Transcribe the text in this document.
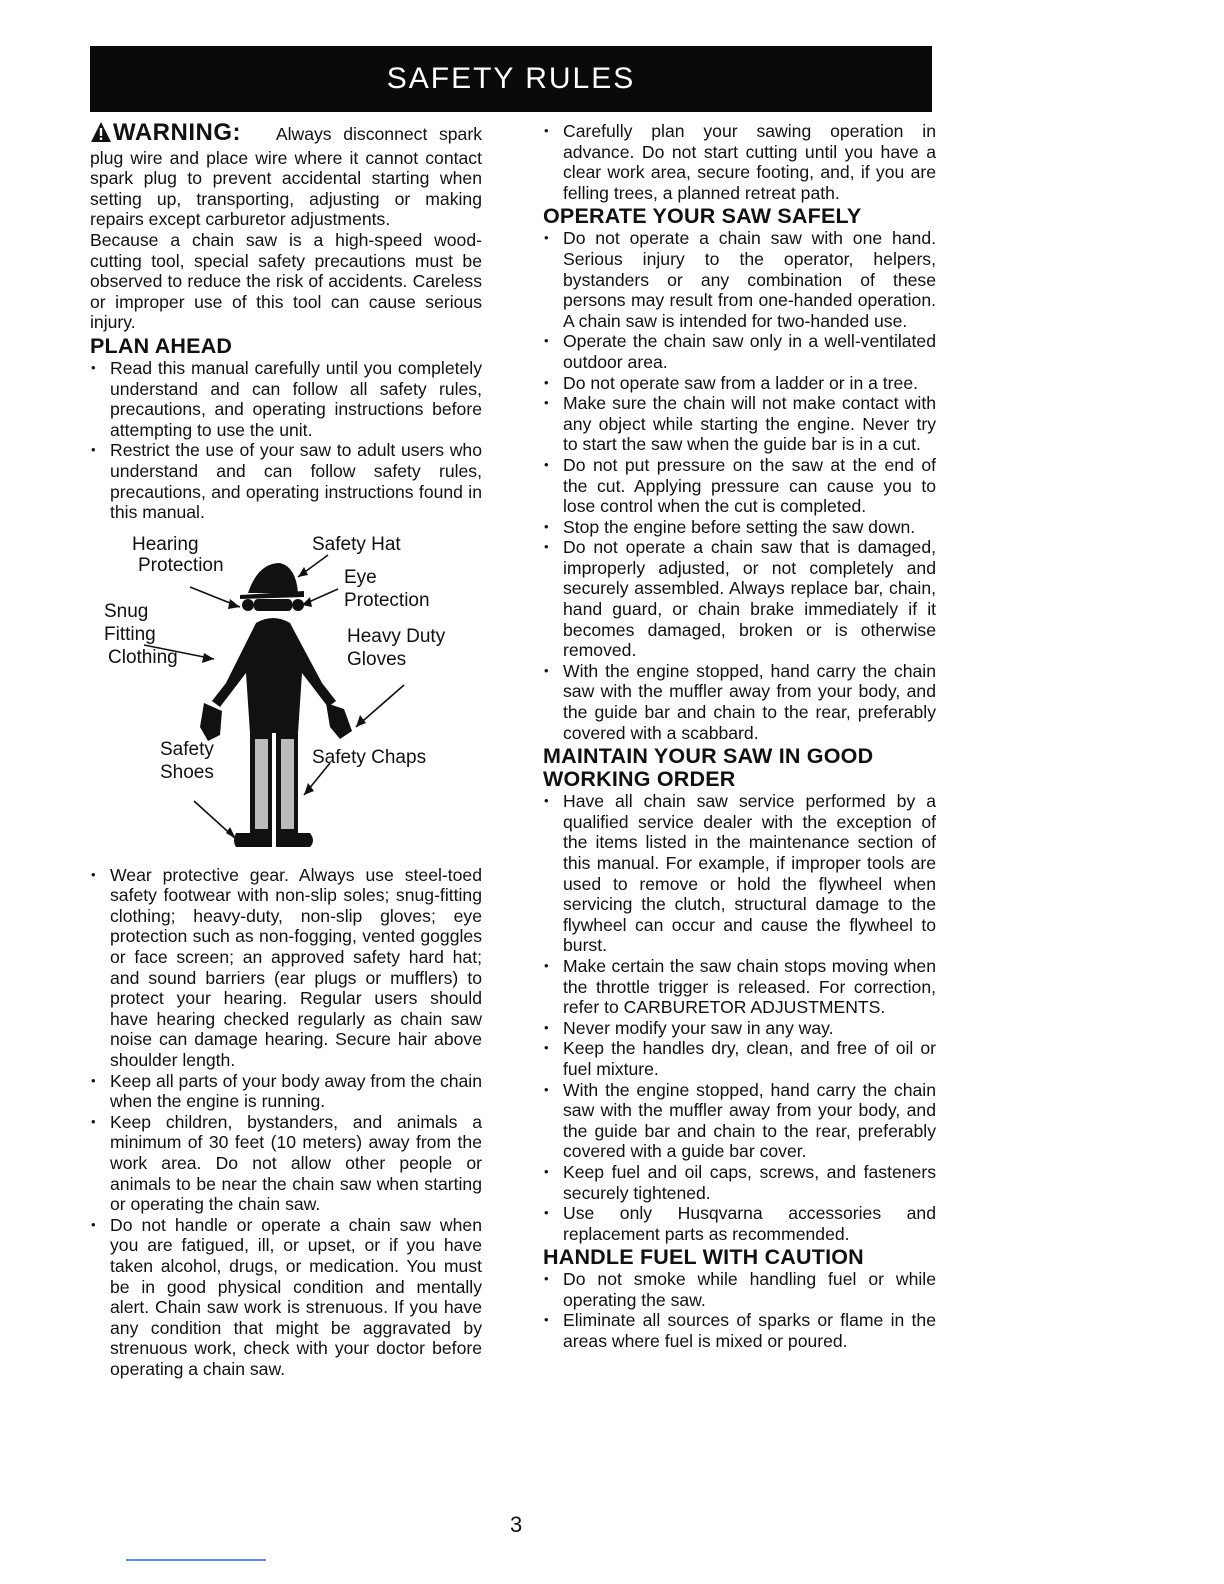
SAFETY RULES

WARNING: Always disconnect spark plug wire and place wire where it cannot contact spark plug to prevent accidental starting when setting up, transporting, adjusting or making repairs except carburetor adjustments.

Because a chain saw is a high-speed wood-cutting tool, special safety precautions must be observed to reduce the risk of accidents. Careless or improper use of this tool can cause serious injury.

PLAN AHEAD
• Read this manual carefully until you completely understand and can follow all safety rules, precautions, and operating instructions before attempting to use the unit.
• Restrict the use of your saw to adult users who understand and can follow safety rules, precautions, and operating instructions found in this manual.
Hearing
Protection
Safety Hat
Eye
Protection
Snug
Fitting
Clothing
Heavy Duty
Gloves
Safety
Shoes
Safety Chaps
• Wear protective gear. Always use steel-toed safety footwear with non-slip soles; snug-fitting clothing; heavy-duty, non-slip gloves; eye protection such as non-fogging, vented goggles or face screen; an approved safety hard hat; and sound barriers (ear plugs or mufflers) to protect your hearing. Regular users should have hearing checked regularly as chain saw noise can damage hearing. Secure hair above shoulder length.
• Keep all parts of your body away from the chain when the engine is running.
• Keep children, bystanders, and animals a minimum of 30 feet (10 meters) away from the work area. Do not allow other people or animals to be near the chain saw when starting or operating the chain saw.
• Do not handle or operate a chain saw when you are fatigued, ill, or upset, or if you have taken alcohol, drugs, or medication. You must be in good physical condition and mentally alert. Chain saw work is strenuous. If you have any condition that might be aggravated by strenuous work, check with your doctor before operating a chain saw.
• Carefully plan your sawing operation in advance. Do not start cutting until you have a clear work area, secure footing, and, if you are felling trees, a planned retreat path.
OPERATE YOUR SAW SAFELY
• Do not operate a chain saw with one hand. Serious injury to the operator, helpers, bystanders or any combination of these persons may result from one-handed operation. A chain saw is intended for two-handed use.
• Operate the chain saw only in a well-ventilated outdoor area.
• Do not operate saw from a ladder or in a tree.
• Make sure the chain will not make contact with any object while starting the engine. Never try to start the saw when the guide bar is in a cut.
• Do not put pressure on the saw at the end of the cut. Applying pressure can cause you to lose control when the cut is completed.
• Stop the engine before setting the saw down.
• Do not operate a chain saw that is damaged, improperly adjusted, or not completely and securely assembled. Always replace bar, chain, hand guard, or chain brake immediately if it becomes damaged, broken or is otherwise removed.
• With the engine stopped, hand carry the chain saw with the muffler away from your body, and the guide bar and chain to the rear, preferably covered with a scabbard.
MAINTAIN YOUR SAW IN GOOD WORKING ORDER
• Have all chain saw service performed by a qualified service dealer with the exception of the items listed in the maintenance section of this manual. For example, if improper tools are used to remove or hold the flywheel when servicing the clutch, structural damage to the flywheel can occur and cause the flywheel to burst.
• Make certain the saw chain stops moving when the throttle trigger is released. For correction, refer to CARBURETOR ADJUSTMENTS.
• Never modify your saw in any way.
• Keep the handles dry, clean, and free of oil or fuel mixture.
• With the engine stopped, hand carry the chain saw with the muffler away from your body, and the guide bar and chain to the rear, preferably covered with a guide bar cover.
• Keep fuel and oil caps, screws, and fasteners securely tightened.
• Use only Husqvarna accessories and replacement parts as recommended.
HANDLE FUEL WITH CAUTION
• Do not smoke while handling fuel or while operating the saw.
• Eliminate all sources of sparks or flame in the areas where fuel is mixed or poured.
3
